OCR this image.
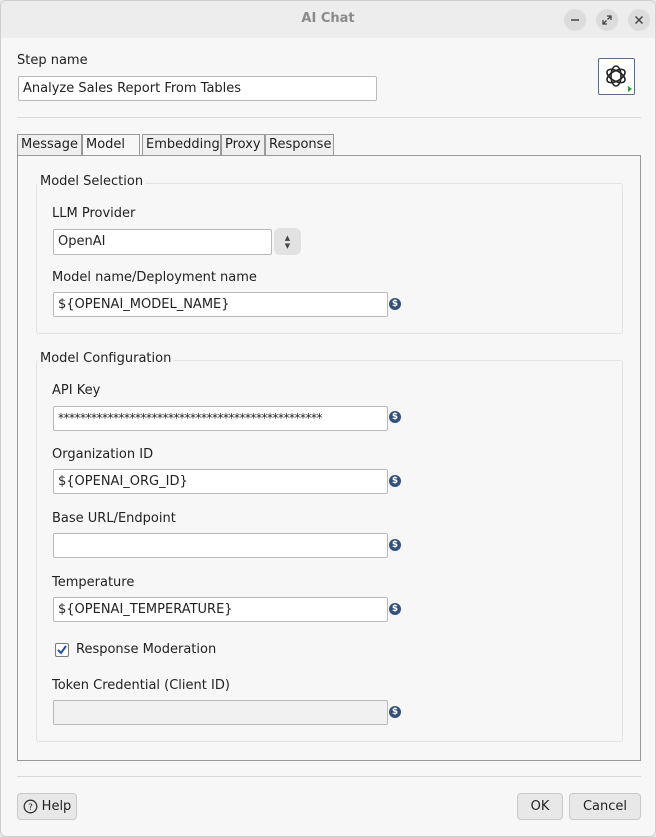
AI Chat
Step name
Analyze Sales Report From Tables
Message Model	Embedding Proxy Response
Model Selection
LLM Provider
OpenAI	▲
▼
Model name/Deployment name
${OPENAI_MODEL_NAME}	$
Model Configuration
API Key
************************************************	$
Organization ID
${OPENAI_ORG_ID}	$
Base URL/Endpoint
$
Temperature
${OPENAI_TEMPERATURE}	$
Response Moderation
Token Credential (Client ID)
$
? Help	OK	Cancel
